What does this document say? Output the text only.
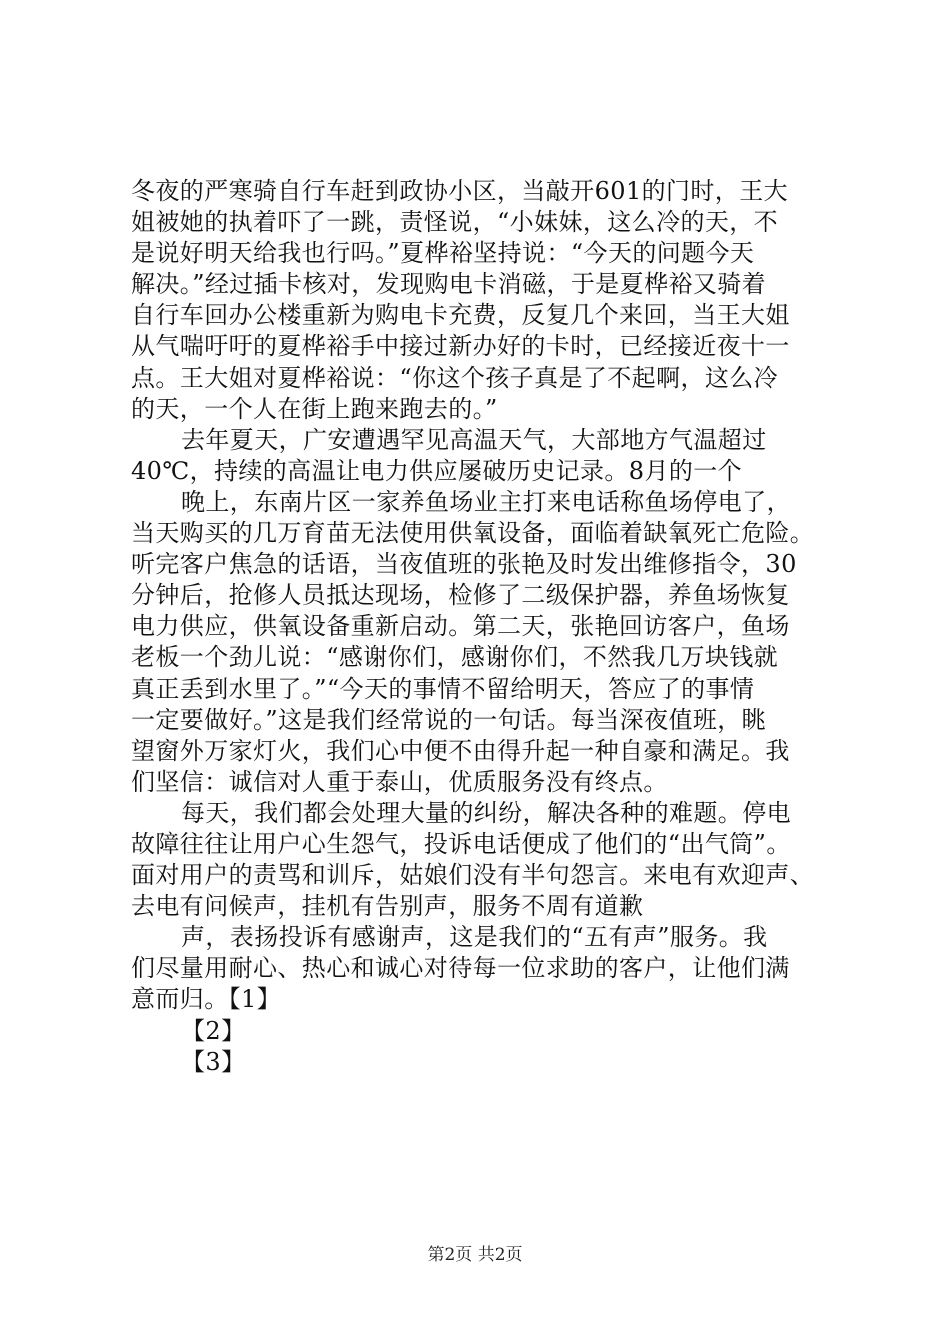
冬夜的严寒骑自行车赶到政协小区，当敲开601的门时，王大
姐被她的执着吓了一跳，责怪说，“小妹妹，这么冷的天，不
是说好明天给我也行吗。”夏桦裕坚持说：“今天的问题今天
解决。”经过插卡核对，发现购电卡消磁，于是夏桦裕又骑着
自行车回办公楼重新为购电卡充费，反复几个来回，当王大姐
从气喘吁吁的夏桦裕手中接过新办好的卡时，已经接近夜十一
点。王大姐对夏桦裕说：“你这个孩子真是了不起啊，这么冷
的天，一个人在街上跑来跑去的。”
去年夏天，广安遭遇罕见高温天气，大部地方气温超过
40℃，持续的高温让电力供应屡破历史记录。8月的一个
晚上，东南片区一家养鱼场业主打来电话称鱼场停电了，
当天购买的几万育苗无法使用供氧设备，面临着缺氧死亡危险。
听完客户焦急的话语，当夜值班的张艳及时发出维修指令，30
分钟后，抢修人员抵达现场，检修了二级保护器，养鱼场恢复
电力供应，供氧设备重新启动。第二天，张艳回访客户，鱼场
老板一个劲儿说：“感谢你们，感谢你们，不然我几万块钱就
真正丢到水里了。”“今天的事情不留给明天，答应了的事情
一定要做好。”这是我们经常说的一句话。每当深夜值班，眺
望窗外万家灯火，我们心中便不由得升起一种自豪和满足。我
们坚信：诚信对人重于泰山，优质服务没有终点。
每天，我们都会处理大量的纠纷，解决各种的难题。停电
故障往往让用户心生怨气，投诉电话便成了他们的“出气筒”。
面对用户的责骂和训斥，姑娘们没有半句怨言。来电有欢迎声、
去电有问候声，挂机有告别声，服务不周有道歉
声，表扬投诉有感谢声，这是我们的“五有声”服务。我
们尽量用耐心、热心和诚心对待每一位求助的客户，让他们满
意而归。【1】
【2】
【3】
第2页 共2页
